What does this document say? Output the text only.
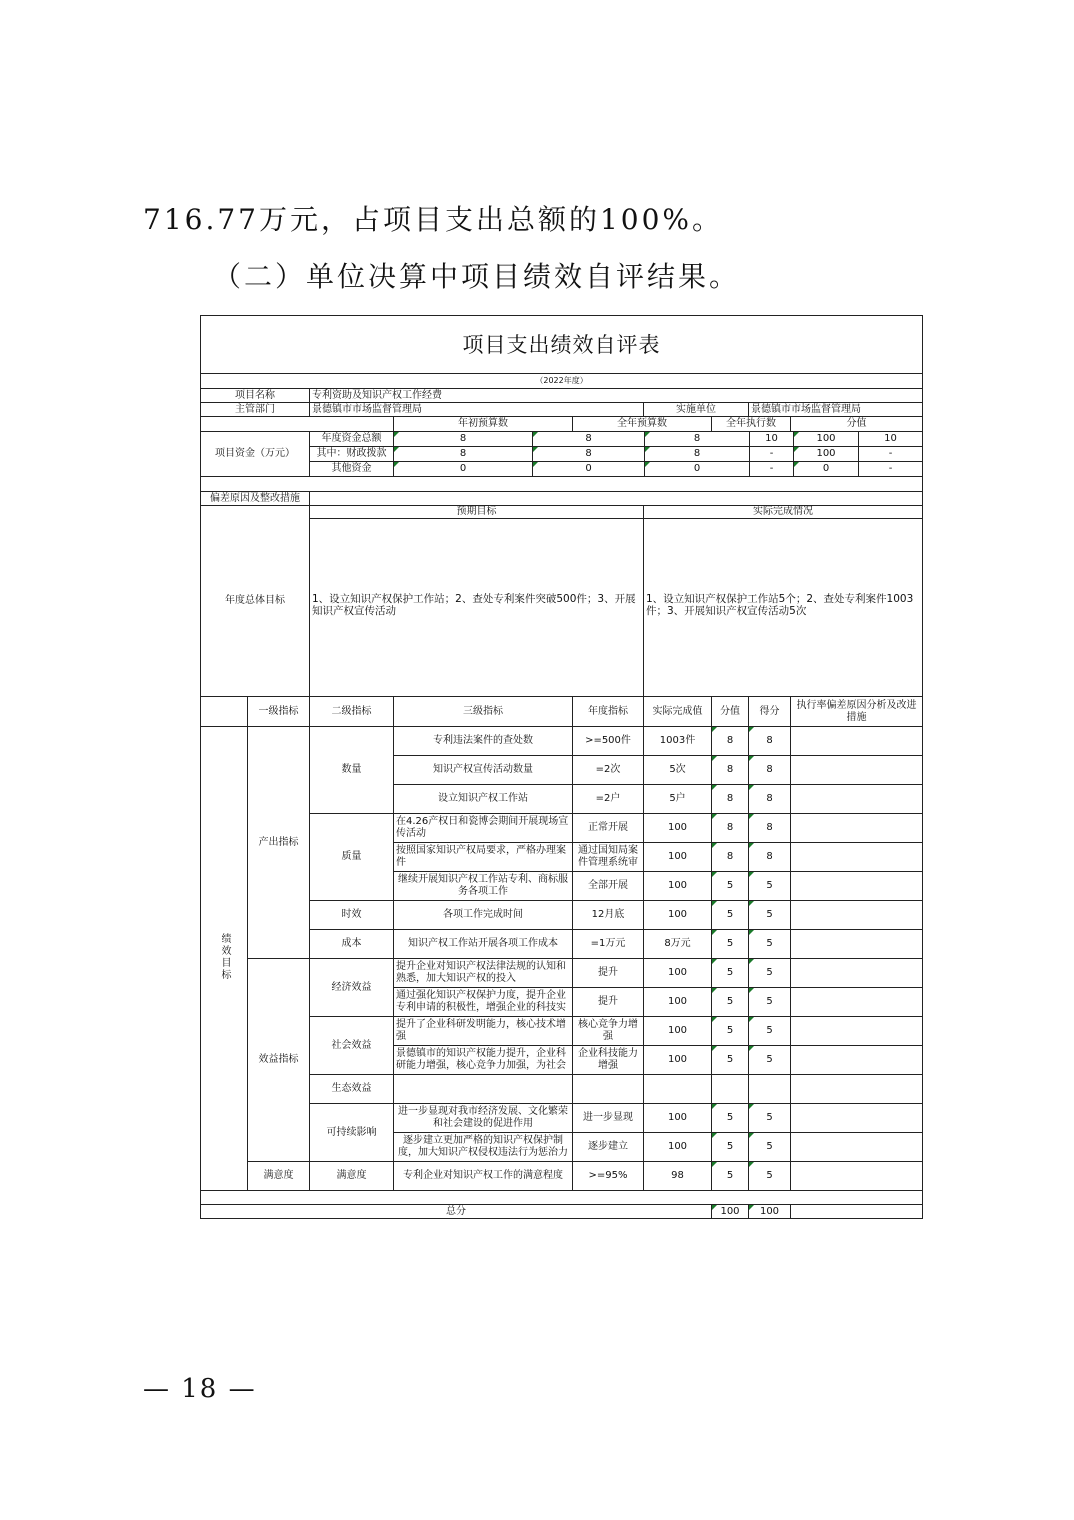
716.77万元，占项目支出总额的100%。
（二）单位决算中项目绩效自评结果。
项目支出绩效自评表							
（2022年度）							
项目名称	专利资助及知识产权工作经费						
主管部门	景德镇市市场监督管理局			实施单位		景德镇市市场监督管理局	
		年初预算数	全年预算数		全年执行数		分值
项目资金（万元）	年度资金总额	8	8	8	10	100	10
	其中：财政拨款	8	8	8	-	100	-
	其他资金	0	0	0	-	0	-

偏差原因及整改措施							
年度总体目标	预期目标	实际完成情况
	1、设立知识产权保护工作站；2、查处专利案件突破500件；3、开展知识产权宣传活动	1、设立知识产权保护工作站5个；2、查处专利案件1003件；3、开展知识产权宣传活动5次
	一级指标	二级指标	三级指标	年度指标	实际完成值	分值	得分	执行率偏差原因分析及改进措施
绩效目标	产出指标	数量	专利违法案件的查处数	>=500件	1003件	8	8	
			知识产权宣传活动数量	=2次	5次	8	8	
			设立知识产权工作站	=2户	5户	8	8	
		质量	在4.26产权日和瓷博会期间开展现场宣传活动	正常开展	100	8	8	
			按照国家知识产权局要求，严格办理案件	通过国知局案件管理系统审	100	8	8	
			继续开展知识产权工作站专利、商标服务各项工作	全部开展	100	5	5	
		时效	各项工作完成时间	12月底	100	5	5	
		成本	知识产权工作站开展各项工作成本	=1万元	8万元	5	5	
	效益指标	经济效益	提升企业对知识产权法律法规的认知和熟悉，加大知识产权的投入	提升	100	5	5	
			通过强化知识产权保护力度，提升企业专利申请的积极性，增强企业的科技实	提升	100	5	5	
		社会效益	提升了企业科研发明能力，核心技术增强	核心竞争力增强	100	5	5	
			景德镇市的知识产权能力提升，企业科研能力增强，核心竞争力加强，为社会	企业科技能力增强	100	5	5	
		生态效益						
		可持续影响	进一步显现对我市经济发展、文化繁荣和社会建设的促进作用	进一步显现	100	5	5	
			逐步建立更加严格的知识产权保护制度，加大知识产权侵权违法行为惩治力	逐步建立	100	5	5	
	满意度	满意度	专利企业对知识产权工作的满意程度	>=95%	98	5	5	

总分						100	100	
— 18 —
